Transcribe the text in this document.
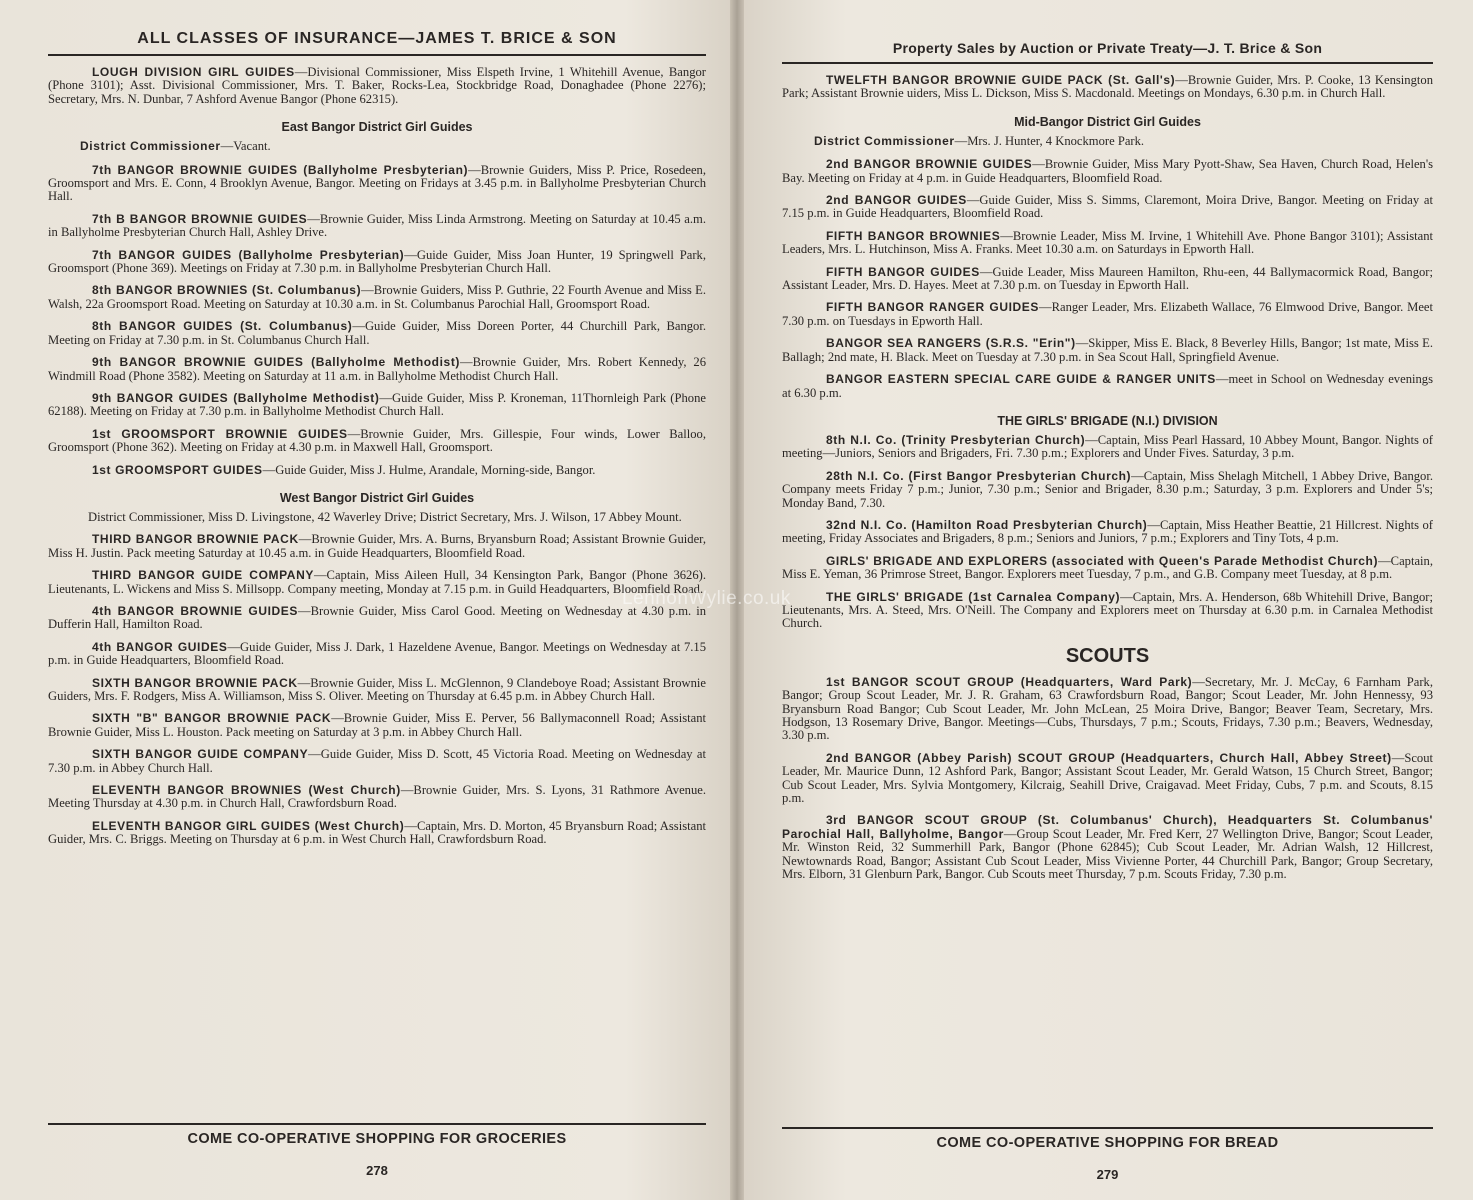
ALL CLASSES OF INSURANCE—JAMES T. BRICE & SON

LOUGH DIVISION GIRL GUIDES—Divisional Commissioner, Miss Elspeth Irvine, 1 Whitehill Avenue, Bangor (Phone 3101); Asst. Divisional Commissioner, Mrs. T. Baker, Rocks-Lea, Stockbridge Road, Donaghadee (Phone 2276); Secretary, Mrs. N. Dunbar, 7 Ashford Avenue Bangor (Phone 62315).

East Bangor District Girl Guides
District Commissioner—Vacant.

7th BANGOR BROWNIE GUIDES (Ballyholme Presbyterian)—Brownie Guiders, Miss P. Price, Rosedeen, Groomsport and Mrs. E. Conn, 4 Brooklyn Avenue, Bangor. Meeting on Fridays at 3.45 p.m. in Ballyholme Presbyterian Church Hall.

7th B BANGOR BROWNIE GUIDES—Brownie Guider, Miss Linda Armstrong. Meeting on Saturday at 10.45 a.m. in Ballyholme Presbyterian Church Hall, Ashley Drive.

7th BANGOR GUIDES (Ballyholme Presbyterian)—Guide Guider, Miss Joan Hunter, 19 Springwell Park, Groomsport (Phone 369). Meetings on Friday at 7.30 p.m. in Ballyholme Presbyterian Church Hall.

8th BANGOR BROWNIES (St. Columbanus)—Brownie Guiders, Miss P. Guthrie, 22 Fourth Avenue and Miss E. Walsh, 22a Groomsport Road. Meeting on Saturday at 10.30 a.m. in St. Columbanus Parochial Hall, Groomsport Road.

8th BANGOR GUIDES (St. Columbanus)—Guide Guider, Miss Doreen Porter, 44 Churchill Park, Bangor. Meeting on Friday at 7.30 p.m. in St. Columbanus Church Hall.

9th BANGOR BROWNIE GUIDES (Ballyholme Methodist)—Brownie Guider, Mrs. Robert Kennedy, 26 Windmill Road (Phone 3582). Meeting on Saturday at 11 a.m. in Ballyholme Methodist Church Hall.

9th BANGOR GUIDES (Ballyholme Methodist)—Guide Guider, Miss P. Kroneman, 11Thornleigh Park (Phone 62188). Meeting on Friday at 7.30 p.m. in Ballyholme Methodist Church Hall.

1st GROOMSPORT BROWNIE GUIDES—Brownie Guider, Mrs. Gillespie, Four winds, Lower Balloo, Groomsport (Phone 362). Meeting on Friday at 4.30 p.m. in Maxwell Hall, Groomsport.

1st GROOMSPORT GUIDES—Guide Guider, Miss J. Hulme, Arandale, Morning-side, Bangor.

West Bangor District Girl Guides
District Commissioner, Miss D. Livingstone, 42 Waverley Drive; District Secretary, Mrs. J. Wilson, 17 Abbey Mount.

THIRD BANGOR BROWNIE PACK—Brownie Guider, Mrs. A. Burns, Bryansburn Road; Assistant Brownie Guider, Miss H. Justin. Pack meeting Saturday at 10.45 a.m. in Guide Headquarters, Bloomfield Road.

THIRD BANGOR GUIDE COMPANY—Captain, Miss Aileen Hull, 34 Kensington Park, Bangor (Phone 3626). Lieutenants, L. Wickens and Miss S. Millsopp. Company meeting, Monday at 7.15 p.m. in Guild Headquarters, Bloomfield Road.

4th BANGOR BROWNIE GUIDES—Brownie Guider, Miss Carol Good. Meeting on Wednesday at 4.30 p.m. in Dufferin Hall, Hamilton Road.

4th BANGOR GUIDES—Guide Guider, Miss J. Dark, 1 Hazeldene Avenue, Bangor. Meetings on Wednesday at 7.15 p.m. in Guide Headquarters, Bloomfield Road.

SIXTH BANGOR BROWNIE PACK—Brownie Guider, Miss L. McGlennon, 9 Clandeboye Road; Assistant Brownie Guiders, Mrs. F. Rodgers, Miss A. Williamson, Miss S. Oliver. Meeting on Thursday at 6.45 p.m. in Abbey Church Hall.

SIXTH "B" BANGOR BROWNIE PACK—Brownie Guider, Miss E. Perver, 56 Ballymaconnell Road; Assistant Brownie Guider, Miss L. Houston. Pack meeting on Saturday at 3 p.m. in Abbey Church Hall.

SIXTH BANGOR GUIDE COMPANY—Guide Guider, Miss D. Scott, 45 Victoria Road. Meeting on Wednesday at 7.30 p.m. in Abbey Church Hall.

ELEVENTH BANGOR BROWNIES (West Church)—Brownie Guider, Mrs. S. Lyons, 31 Rathmore Avenue. Meeting Thursday at 4.30 p.m. in Church Hall, Crawfordsburn Road.

ELEVENTH BANGOR GIRL GUIDES (West Church)—Captain, Mrs. D. Morton, 45 Bryansburn Road; Assistant Guider, Mrs. C. Briggs. Meeting on Thursday at 6 p.m. in West Church Hall, Crawfordsburn Road.

COME CO-OPERATIVE SHOPPING FOR GROCERIES
278
Property Sales by Auction or Private Treaty—J. T. Brice & Son

TWELFTH BANGOR BROWNIE GUIDE PACK (St. Gall's)—Brownie Guider, Mrs. P. Cooke, 13 Kensington Park; Assistant Brownie uiders, Miss L. Dickson, Miss S. Macdonald. Meetings on Mondays, 6.30 p.m. in Church Hall.

Mid-Bangor District Girl Guides
District Commissioner—Mrs. J. Hunter, 4 Knockmore Park.

2nd BANGOR BROWNIE GUIDES—Brownie Guider, Miss Mary Pyott-Shaw, Sea Haven, Church Road, Helen's Bay. Meeting on Friday at 4 p.m. in Guide Headquarters, Bloomfield Road.

2nd BANGOR GUIDES—Guide Guider, Miss S. Simms, Claremont, Moira Drive, Bangor. Meeting on Friday at 7.15 p.m. in Guide Headquarters, Bloomfield Road.

FIFTH BANGOR BROWNIES—Brownie Leader, Miss M. Irvine, 1 Whitehill Ave. Phone Bangor 3101); Assistant Leaders, Mrs. L. Hutchinson, Miss A. Franks. Meet 10.30 a.m. on Saturdays in Epworth Hall.

FIFTH BANGOR GUIDES—Guide Leader, Miss Maureen Hamilton, Rhu-een, 44 Ballymacormick Road, Bangor; Assistant Leader, Mrs. D. Hayes. Meet at 7.30 p.m. on Tuesday in Epworth Hall.

FIFTH BANGOR RANGER GUIDES—Ranger Leader, Mrs. Elizabeth Wallace, 76 Elmwood Drive, Bangor. Meet 7.30 p.m. on Tuesdays in Epworth Hall.

BANGOR SEA RANGERS (S.R.S. "Erin")—Skipper, Miss E. Black, 8 Beverley Hills, Bangor; 1st mate, Miss E. Ballagh; 2nd mate, H. Black. Meet on Tuesday at 7.30 p.m. in Sea Scout Hall, Springfield Avenue.

BANGOR EASTERN SPECIAL CARE GUIDE & RANGER UNITS—meet in School on Wednesday evenings at 6.30 p.m.

THE GIRLS' BRIGADE (N.I.) DIVISION

8th N.I. Co. (Trinity Presbyterian Church)—Captain, Miss Pearl Hassard, 10 Abbey Mount, Bangor. Nights of meeting—Juniors, Seniors and Brigaders, Fri. 7.30 p.m.; Explorers and Under Fives. Saturday, 3 p.m.

28th N.I. Co. (First Bangor Presbyterian Church)—Captain, Miss Shelagh Mitchell, 1 Abbey Drive, Bangor. Company meets Friday 7 p.m.; Junior, 7.30 p.m.; Senior and Brigader, 8.30 p.m.; Saturday, 3 p.m. Explorers and Under 5's; Monday Band, 7.30.

32nd N.I. Co. (Hamilton Road Presbyterian Church)—Captain, Miss Heather Beattie, 21 Hillcrest. Nights of meeting, Friday Associates and Brigaders, 8 p.m.; Seniors and Juniors, 7 p.m.; Explorers and Tiny Tots, 4 p.m.

GIRLS' BRIGADE AND EXPLORERS (associated with Queen's Parade Methodist Church)—Captain, Miss E. Yeman, 36 Primrose Street, Bangor. Explorers meet Tuesday, 7 p.m., and G.B. Company meet Tuesday, at 8 p.m.

THE GIRLS' BRIGADE (1st Carnalea Company)—Captain, Mrs. A. Henderson, 68b Whitehill Drive, Bangor; Lieutenants, Mrs. A. Steed, Mrs. O'Neill. The Company and Explorers meet on Thursday at 6.30 p.m. in Carnalea Methodist Church.

SCOUTS

1st BANGOR SCOUT GROUP (Headquarters, Ward Park)—Secretary, Mr. J. McCay, 6 Farnham Park, Bangor; Group Scout Leader, Mr. J. R. Graham, 63 Crawfordsburn Road, Bangor; Scout Leader, Mr. John Hennessy, 93 Bryansburn Road Bangor; Cub Scout Leader, Mr. John McLean, 25 Moira Drive, Bangor; Beaver Team, Secretary, Mrs. Hodgson, 13 Rosemary Drive, Bangor. Meetings—Cubs, Thursdays, 7 p.m.; Scouts, Fridays, 7.30 p.m.; Beavers, Wednesday, 3.30 p.m.

2nd BANGOR (Abbey Parish) SCOUT GROUP (Headquarters, Church Hall, Abbey Street)—Scout Leader, Mr. Maurice Dunn, 12 Ashford Park, Bangor; Assistant Scout Leader, Mr. Gerald Watson, 15 Church Street, Bangor; Cub Scout Leader, Mrs. Sylvia Montgomery, Kilcraig, Seahill Drive, Craigavad. Meet Friday, Cubs, 7 p.m. and Scouts, 8.15 p.m.

3rd BANGOR SCOUT GROUP (St. Columbanus' Church), Headquarters St. Columbanus' Parochial Hall, Ballyholme, Bangor—Group Scout Leader, Mr. Fred Kerr, 27 Wellington Drive, Bangor; Scout Leader, Mr. Winston Reid, 32 Summerhill Park, Bangor (Phone 62845); Cub Scout Leader, Mr. Adrian Walsh, 12 Hillcrest, Newtownards Road, Bangor; Assistant Cub Scout Leader, Miss Vivienne Porter, 44 Churchill Park, Bangor; Group Secretary, Mrs. Elborn, 31 Glenburn Park, Bangor. Cub Scouts meet Thursday, 7 p.m. Scouts Friday, 7.30 p.m.

COME CO-OPERATIVE SHOPPING FOR BREAD
279
LennonWylie.co.uk
